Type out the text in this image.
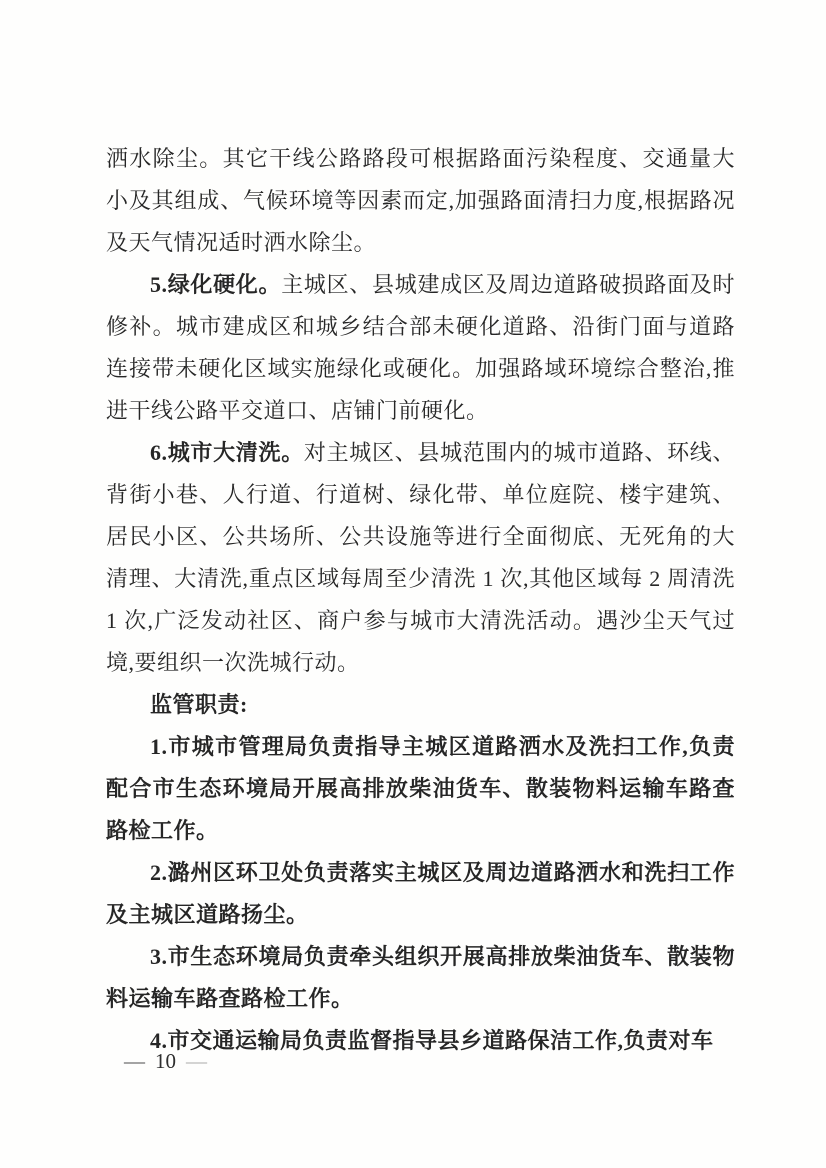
洒水除尘。其它干线公路路段可根据路面污染程度、交通量大小及其组成、气候环境等因素而定,加强路面清扫力度,根据路况及天气情况适时洒水除尘。

5.绿化硬化。主城区、县城建成区及周边道路破损路面及时修补。城市建成区和城乡结合部未硬化道路、沿街门面与道路连接带未硬化区域实施绿化或硬化。加强路域环境综合整治,推进干线公路平交道口、店铺门前硬化。

6.城市大清洗。对主城区、县城范围内的城市道路、环线、背街小巷、人行道、行道树、绿化带、单位庭院、楼宇建筑、居民小区、公共场所、公共设施等进行全面彻底、无死角的大清理、大清洗,重点区域每周至少清洗 1 次,其他区域每 2 周清洗 1 次,广泛发动社区、商户参与城市大清洗活动。遇沙尘天气过境,要组织一次洗城行动。

监管职责:

1.市城市管理局负责指导主城区道路洒水及洗扫工作,负责配合市生态环境局开展高排放柴油货车、散装物料运输车路查路检工作。

2.潞州区环卫处负责落实主城区及周边道路洒水和洗扫工作及主城区道路扬尘。

3.市生态环境局负责牵头组织开展高排放柴油货车、散装物料运输车路查路检工作。

4.市交通运输局负责监督指导县乡道路保洁工作,负责对车

— 10 —
